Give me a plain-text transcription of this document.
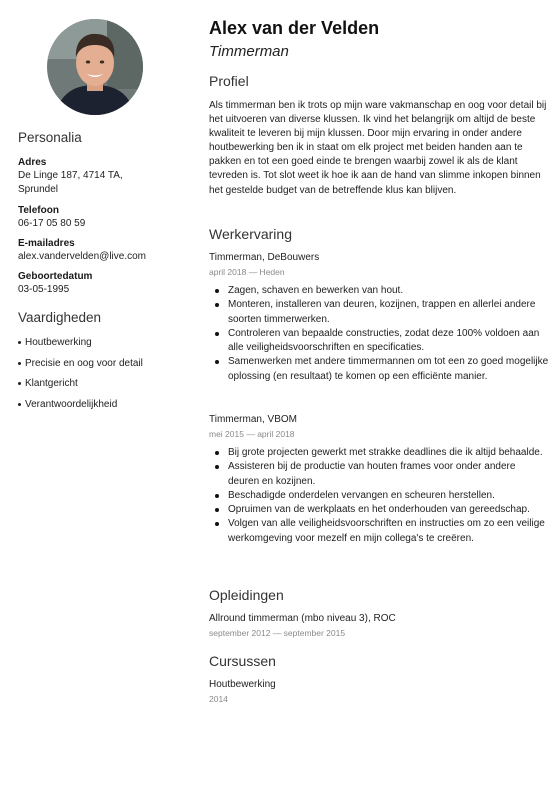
Personalia
Adres
De Linge 187, 4714 TA,
Sprundel
Telefoon
06-17 05 80 59
E-mailadres
alex.vandervelden@live.com
Geboortedatum
03-05-1995
Vaardigheden
Houtbewerking
Precisie en oog voor detail
Klantgericht
Verantwoordelijkheid
Alex van der Velden
Timmerman
Profiel

Als timmerman ben ik trots op mijn ware vakmanschap en oog voor detail bij het uitvoeren van diverse klussen. Ik vind het belangrijk om altijd de beste kwaliteit te leveren bij mijn klussen. Door mijn ervaring in onder andere houtbewerking ben ik in staat om elk project met beiden handen aan te pakken en tot een goed einde te brengen waarbij zowel ik als de klant tevreden is. Tot slot weet ik hoe ik aan de hand van slimme inkopen binnen het gestelde budget van de betreffende klus kan blijven.

Werkervaring
Timmerman, DeBouwers
april 2018 — Heden
Zagen, schaven en bewerken van hout.
Monteren, installeren van deuren, kozijnen, trappen en allerlei andere soorten timmerwerken.
Controleren van bepaalde constructies, zodat deze 100% voldoen aan alle veiligheidsvoorschriften en specificaties.
Samenwerken met andere timmermannen om tot een zo goed mogelijke oplossing (en resultaat) te komen op een efficiënte manier.
Timmerman, VBOM
mei 2015 — april 2018
Bij grote projecten gewerkt met strakke deadlines die ik altijd behaalde.
Assisteren bij de productie van houten frames voor onder andere deuren en kozijnen.
Beschadigde onderdelen vervangen en scheuren herstellen.
Opruimen van de werkplaats en het onderhouden van gereedschap.
Volgen van alle veiligheidsvoorschriften en instructies om zo een veilige werkomgeving voor mezelf en mijn collega's te creëren.
Opleidingen
Allround timmerman (mbo niveau 3), ROC
september 2012 — september 2015
Cursussen
Houtbewerking
2014
